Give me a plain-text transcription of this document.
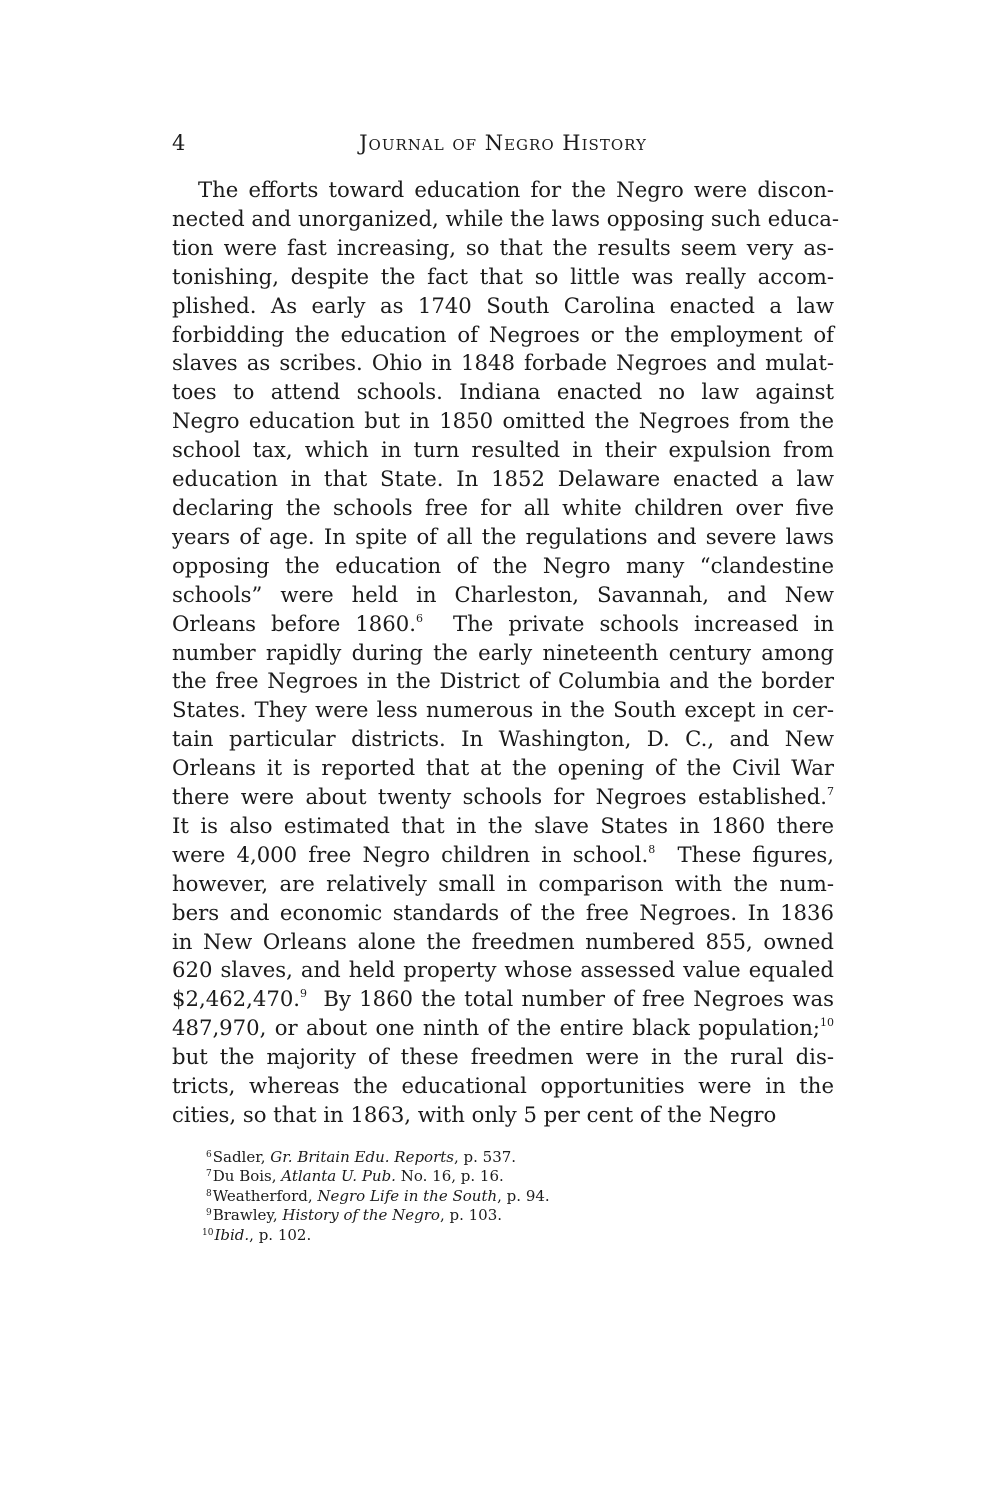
4	Journal of Negro History
The efforts toward education for the Negro were discon-
nected and unorganized, while the laws opposing such educa-
tion were fast increasing, so that the results seem very as-
tonishing, despite the fact that so little was really accom-
plished. As early as 1740 South Carolina enacted a law
forbidding the education of Negroes or the employment of
slaves as scribes. Ohio in 1848 forbade Negroes and mulat-
toes to attend schools. Indiana enacted no law against
Negro education but in 1850 omitted the Negroes from the
school tax, which in turn resulted in their expulsion from
education in that State. In 1852 Delaware enacted a law
declaring the schools free for all white children over five
years of age. In spite of all the regulations and severe laws
opposing the education of the Negro many “clandestine
schools” were held in Charleston, Savannah, and New
Orleans before 1860.$^6$ The private schools increased in
number rapidly during the early nineteenth century among
the free Negroes in the District of Columbia and the border
States. They were less numerous in the South except in cer-
tain particular districts. In Washington, D. C., and New
Orleans it is reported that at the opening of the Civil War
there were about twenty schools for Negroes established.$^7$
It is also estimated that in the slave States in 1860 there
were 4,000 free Negro children in school.$^8$ These figures,
however, are relatively small in comparison with the num-
bers and economic standards of the free Negroes. In 1836
in New Orleans alone the freedmen numbered 855, owned
620 slaves, and held property whose assessed value equaled
$2,462,470.$^9$ By 1860 the total number of free Negroes was
487,970, or about one ninth of the entire black population;$^{10}$
but the majority of these freedmen were in the rural dis-
tricts, whereas the educational opportunities were in the
cities, so that in 1863, with only 5 per cent of the Negro
$^6$Sadler, Gr. Britain Edu. Reports, p. 537.
$^7$Du Bois, Atlanta U. Pub. No. 16, p. 16.
$^8$Weatherford, Negro Life in the South, p. 94.
$^9$Brawley, History of the Negro, p. 103.
$^{10}$Ibid., p. 102.
